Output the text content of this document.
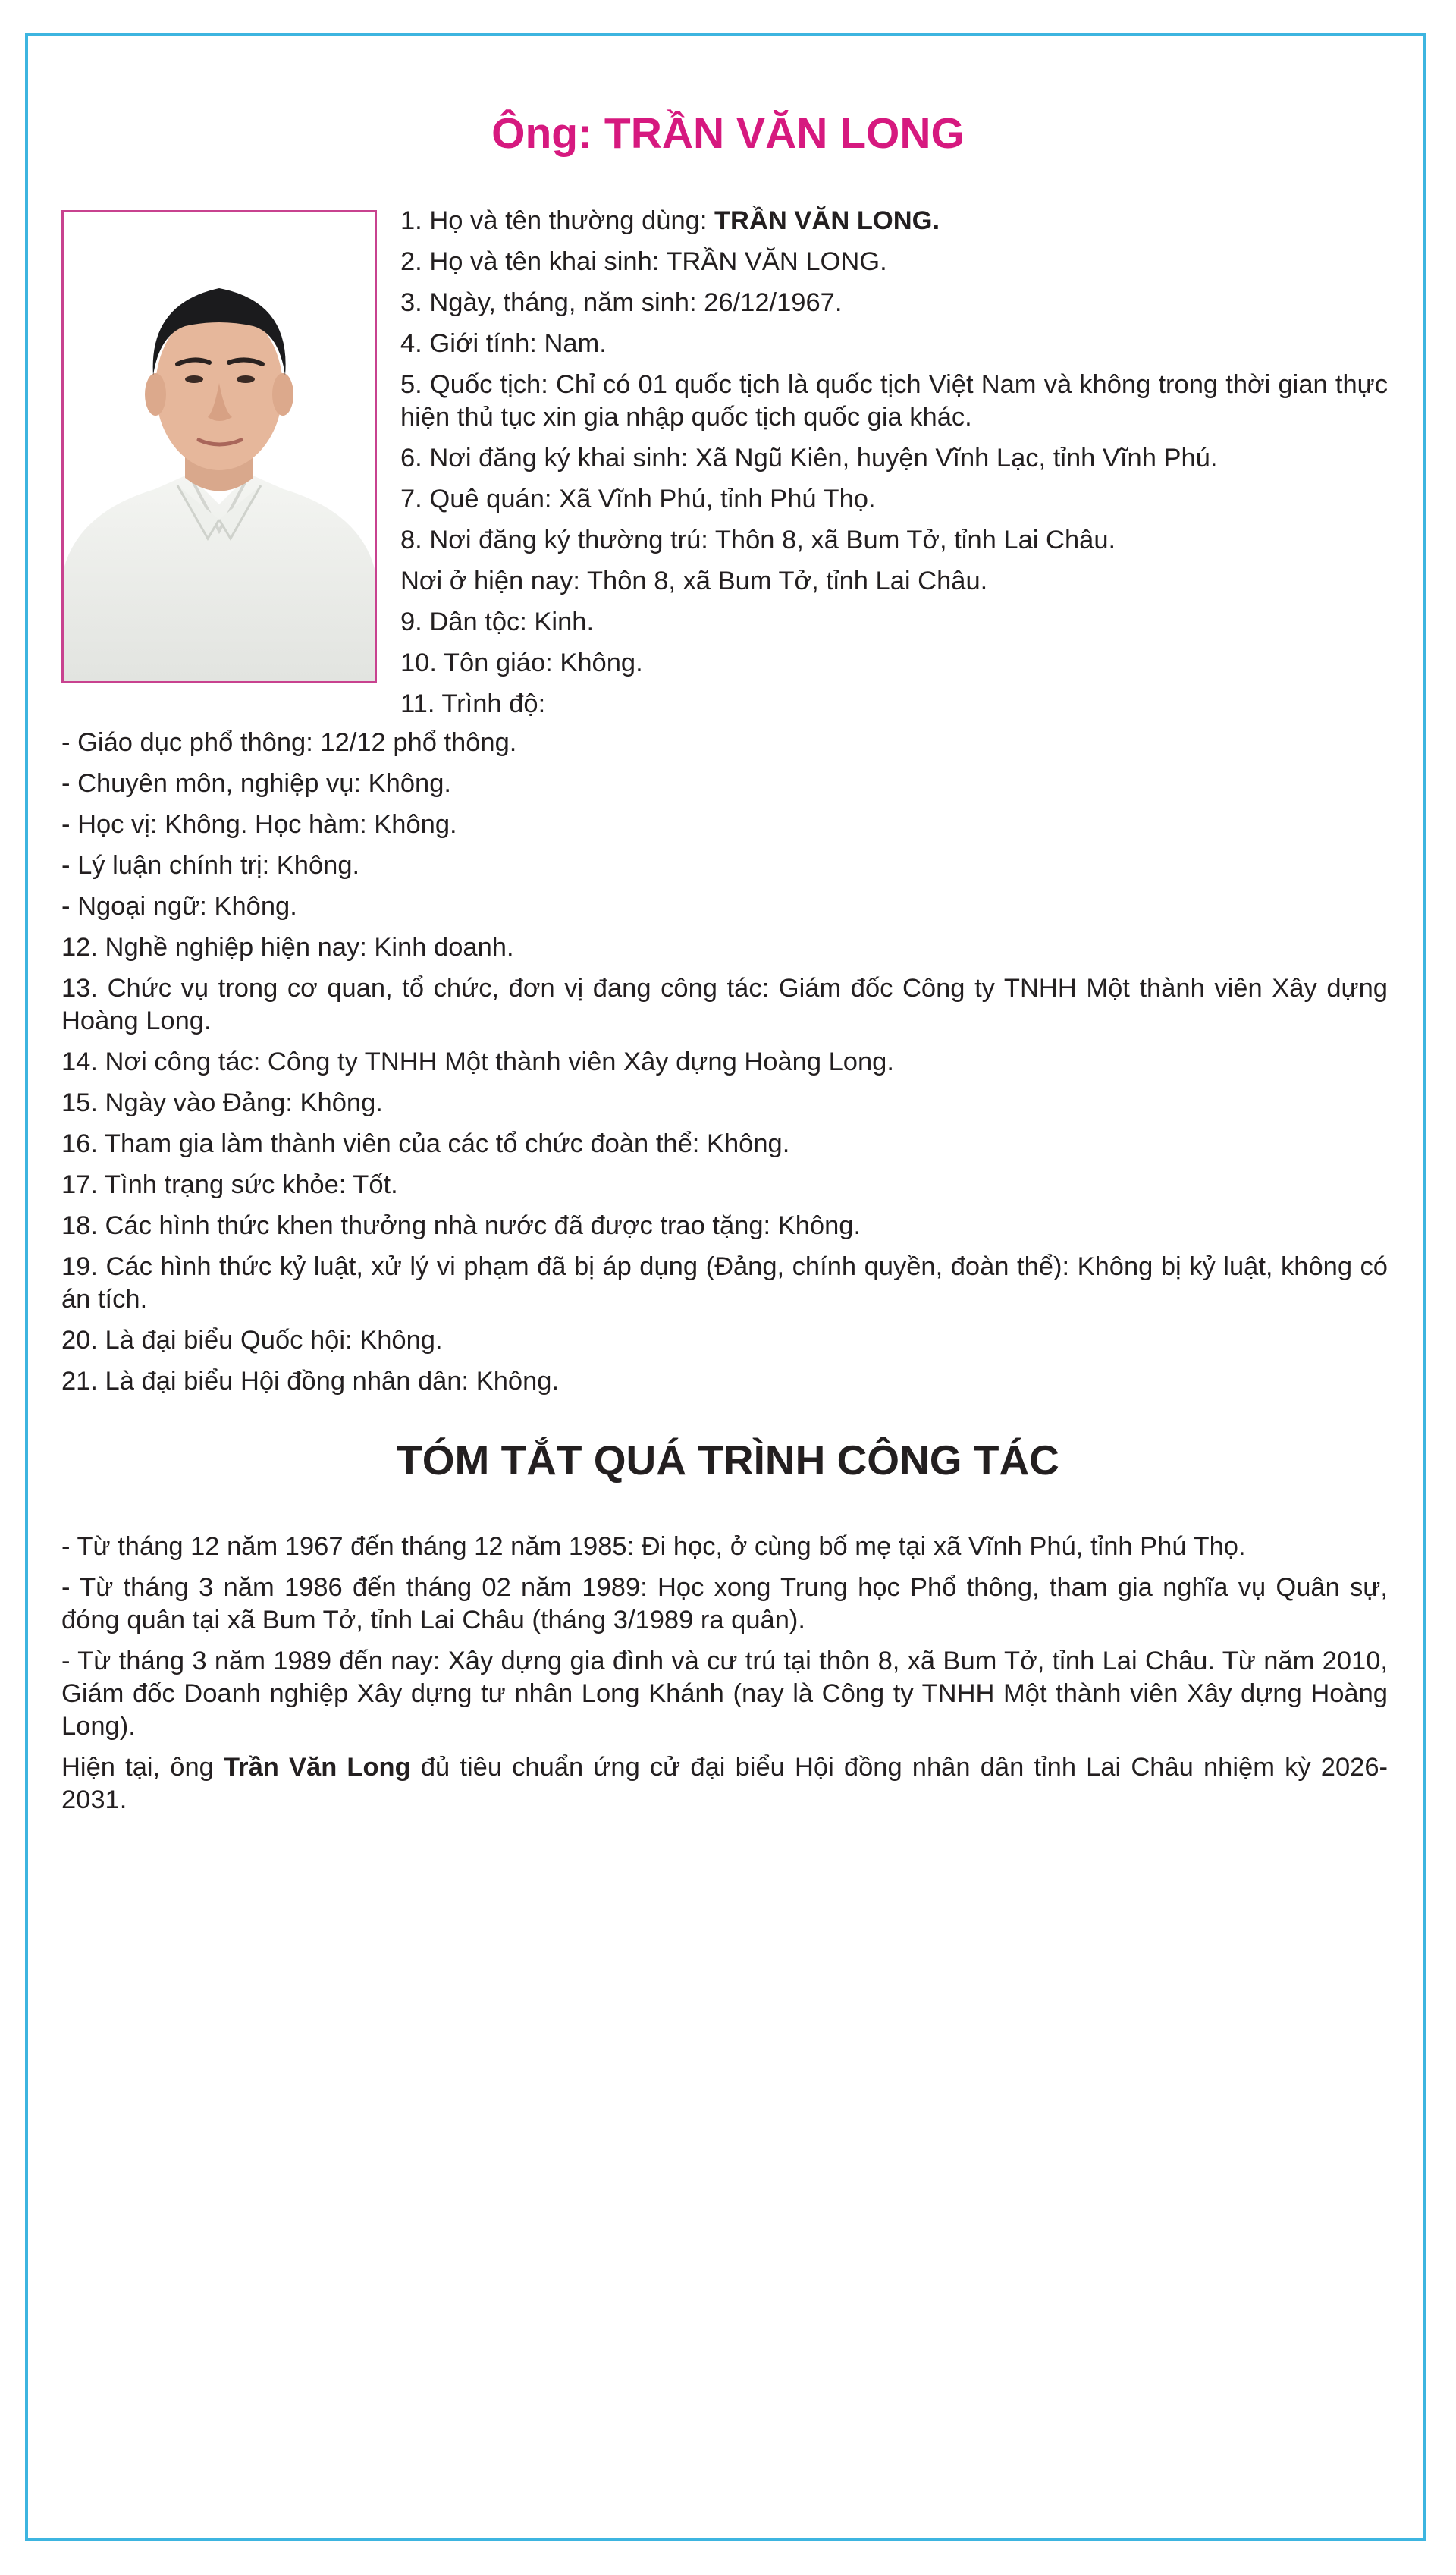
Ông: TRẦN VĂN LONG

1. Họ và tên thường dùng: TRẦN VĂN LONG.

2. Họ và tên khai sinh: TRẦN VĂN LONG.

3. Ngày, tháng, năm sinh: 26/12/1967.

4. Giới tính: Nam.

5. Quốc tịch: Chỉ có 01 quốc tịch là quốc tịch Việt Nam và không trong thời gian thực hiện thủ tục xin gia nhập quốc tịch quốc gia khác.

6. Nơi đăng ký khai sinh: Xã Ngũ Kiên, huyện Vĩnh Lạc, tỉnh Vĩnh Phú.

7. Quê quán: Xã Vĩnh Phú, tỉnh Phú Thọ.

8. Nơi đăng ký thường trú: Thôn 8, xã Bum Tở, tỉnh Lai Châu.

Nơi ở hiện nay: Thôn 8, xã Bum Tở, tỉnh Lai Châu.

9. Dân tộc: Kinh.

10. Tôn giáo: Không.

11. Trình độ:

- Giáo dục phổ thông: 12/12 phổ thông.

- Chuyên môn, nghiệp vụ: Không.

- Học vị: Không. Học hàm: Không.

- Lý luận chính trị: Không.

- Ngoại ngữ: Không.

12. Nghề nghiệp hiện nay: Kinh doanh.

13. Chức vụ trong cơ quan, tổ chức, đơn vị đang công tác: Giám đốc Công ty TNHH Một thành viên Xây dựng Hoàng Long.

14. Nơi công tác: Công ty TNHH Một thành viên Xây dựng Hoàng Long.

15. Ngày vào Đảng: Không.

16. Tham gia làm thành viên của các tổ chức đoàn thể: Không.

17. Tình trạng sức khỏe: Tốt.

18. Các hình thức khen thưởng nhà nước đã được trao tặng: Không.

19. Các hình thức kỷ luật, xử lý vi phạm đã bị áp dụng (Đảng, chính quyền, đoàn thể): Không bị kỷ luật, không có án tích.

20. Là đại biểu Quốc hội: Không.

21. Là đại biểu Hội đồng nhân dân: Không.

TÓM TẮT QUÁ TRÌNH CÔNG TÁC

- Từ tháng 12 năm 1967 đến tháng 12 năm 1985: Đi học, ở cùng bố mẹ tại xã Vĩnh Phú, tỉnh Phú Thọ.

- Từ tháng 3 năm 1986 đến tháng 02 năm 1989: Học xong Trung học Phổ thông, tham gia nghĩa vụ Quân sự, đóng quân tại xã Bum Tở, tỉnh Lai Châu (tháng 3/1989 ra quân).

- Từ tháng 3 năm 1989 đến nay: Xây dựng gia đình và cư trú tại thôn 8, xã Bum Tở, tỉnh Lai Châu. Từ năm 2010, Giám đốc Doanh nghiệp Xây dựng tư nhân Long Khánh (nay là Công ty TNHH Một thành viên Xây dựng Hoàng Long).

Hiện tại, ông Trần Văn Long đủ tiêu chuẩn ứng cử đại biểu Hội đồng nhân dân tỉnh Lai Châu nhiệm kỳ 2026-2031.
